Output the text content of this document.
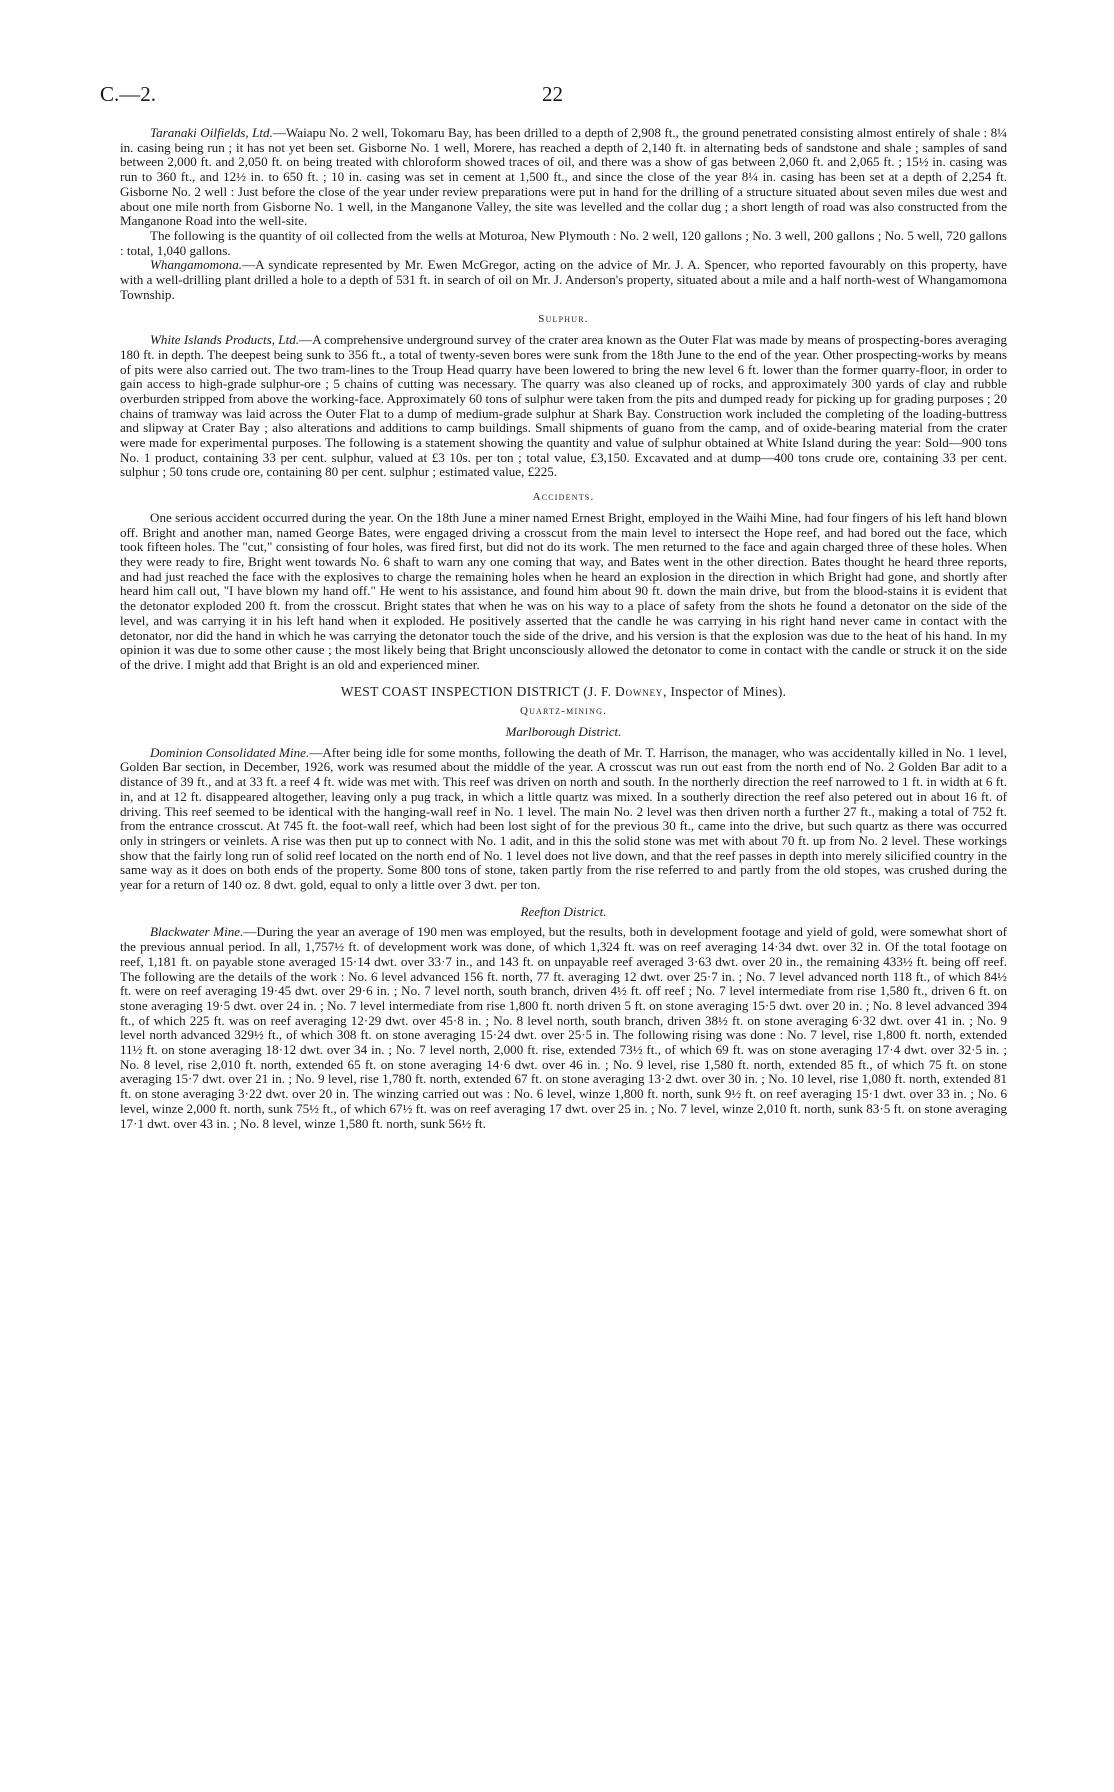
C.—2.	22

Taranaki Oilfields, Ltd.—Waiapu No. 2 well, Tokomaru Bay, has been drilled to a depth of 2,908 ft., the ground penetrated consisting almost entirely of shale : 8¼ in. casing being run ; it has not yet been set. Gisborne No. 1 well, Morere, has reached a depth of 2,140 ft. in alternating beds of sandstone and shale ; samples of sand between 2,000 ft. and 2,050 ft. on being treated with chloroform showed traces of oil, and there was a show of gas between 2,060 ft. and 2,065 ft. ; 15½ in. casing was run to 360 ft., and 12½ in. to 650 ft. ; 10 in. casing was set in cement at 1,500 ft., and since the close of the year 8¼ in. casing has been set at a depth of 2,254 ft. Gisborne No. 2 well : Just before the close of the year under review preparations were put in hand for the drilling of a structure situated about seven miles due west and about one mile north from Gisborne No. 1 well, in the Manganone Valley, the site was levelled and the collar dug ; a short length of road was also constructed from the Manganone Road into the well-site.

The following is the quantity of oil collected from the wells at Moturoa, New Plymouth : No. 2 well, 120 gallons ; No. 3 well, 200 gallons ; No. 5 well, 720 gallons : total, 1,040 gallons.

Whangamomona.—A syndicate represented by Mr. Ewen McGregor, acting on the advice of Mr. J. A. Spencer, who reported favourably on this property, have with a well-drilling plant drilled a hole to a depth of 531 ft. in search of oil on Mr. J. Anderson's property, situated about a mile and a half north-west of Whangamomona Township.

Sulphur.

White Islands Products, Ltd.—A comprehensive underground survey of the crater area known as the Outer Flat was made by means of prospecting-bores averaging 180 ft. in depth. The deepest being sunk to 356 ft., a total of twenty-seven bores were sunk from the 18th June to the end of the year. Other prospecting-works by means of pits were also carried out. The two tram-lines to the Troup Head quarry have been lowered to bring the new level 6 ft. lower than the former quarry-floor, in order to gain access to high-grade sulphur-ore ; 5 chains of cutting was necessary. The quarry was also cleaned up of rocks, and approximately 300 yards of clay and rubble overburden stripped from above the working-face. Approximately 60 tons of sulphur were taken from the pits and dumped ready for picking up for grading purposes ; 20 chains of tramway was laid across the Outer Flat to a dump of medium-grade sulphur at Shark Bay. Construction work included the completing of the loading-buttress and slipway at Crater Bay ; also alterations and additions to camp buildings. Small shipments of guano from the camp, and of oxide-bearing material from the crater were made for experimental purposes. The following is a statement showing the quantity and value of sulphur obtained at White Island during the year: Sold—900 tons No. 1 product, containing 33 per cent. sulphur, valued at £3 10s. per ton ; total value, £3,150. Excavated and at dump—400 tons crude ore, containing 33 per cent. sulphur ; 50 tons crude ore, containing 80 per cent. sulphur ; estimated value, £225.

Accidents.

One serious accident occurred during the year. On the 18th June a miner named Ernest Bright, employed in the Waihi Mine, had four fingers of his left hand blown off. Bright and another man, named George Bates, were engaged driving a crosscut from the main level to intersect the Hope reef, and had bored out the face, which took fifteen holes. The "cut," consisting of four holes, was fired first, but did not do its work. The men returned to the face and again charged three of these holes. When they were ready to fire, Bright went towards No. 6 shaft to warn any one coming that way, and Bates went in the other direction. Bates thought he heard three reports, and had just reached the face with the explosives to charge the remaining holes when he heard an explosion in the direction in which Bright had gone, and shortly after heard him call out, "I have blown my hand off." He went to his assistance, and found him about 90 ft. down the main drive, but from the blood-stains it is evident that the detonator exploded 200 ft. from the crosscut. Bright states that when he was on his way to a place of safety from the shots he found a detonator on the side of the level, and was carrying it in his left hand when it exploded. He positively asserted that the candle he was carrying in his right hand never came in contact with the detonator, nor did the hand in which he was carrying the detonator touch the side of the drive, and his version is that the explosion was due to the heat of his hand. In my opinion it was due to some other cause ; the most likely being that Bright unconsciously allowed the detonator to come in contact with the candle or struck it on the side of the drive. I might add that Bright is an old and experienced miner.

WEST COAST INSPECTION DISTRICT (J. F. Downey, Inspector of Mines).
Quartz-mining.
Marlborough District.

Dominion Consolidated Mine.—After being idle for some months, following the death of Mr. T. Harrison, the manager, who was accidentally killed in No. 1 level, Golden Bar section, in December, 1926, work was resumed about the middle of the year. A crosscut was run out east from the north end of No. 2 Golden Bar adit to a distance of 39 ft., and at 33 ft. a reef 4 ft. wide was met with. This reef was driven on north and south. In the northerly direction the reef narrowed to 1 ft. in width at 6 ft. in, and at 12 ft. disappeared altogether, leaving only a pug track, in which a little quartz was mixed. In a southerly direction the reef also petered out in about 16 ft. of driving. This reef seemed to be identical with the hanging-wall reef in No. 1 level. The main No. 2 level was then driven north a further 27 ft., making a total of 752 ft. from the entrance crosscut. At 745 ft. the foot-wall reef, which had been lost sight of for the previous 30 ft., came into the drive, but such quartz as there was occurred only in stringers or veinlets. A rise was then put up to connect with No. 1 adit, and in this the solid stone was met with about 70 ft. up from No. 2 level. These workings show that the fairly long run of solid reef located on the north end of No. 1 level does not live down, and that the reef passes in depth into merely silicified country in the same way as it does on both ends of the property. Some 800 tons of stone, taken partly from the rise referred to and partly from the old stopes, was crushed during the year for a return of 140 oz. 8 dwt. gold, equal to only a little over 3 dwt. per ton.

Reefton District.

Blackwater Mine.—During the year an average of 190 men was employed, but the results, both in development footage and yield of gold, were somewhat short of the previous annual period. In all, 1,757½ ft. of development work was done, of which 1,324 ft. was on reef averaging 14·34 dwt. over 32 in. Of the total footage on reef, 1,181 ft. on payable stone averaged 15·14 dwt. over 33·7 in., and 143 ft. on unpayable reef averaged 3·63 dwt. over 20 in., the remaining 433½ ft. being off reef. The following are the details of the work : No. 6 level advanced 156 ft. north, 77 ft. averaging 12 dwt. over 25·7 in. ; No. 7 level advanced north 118 ft., of which 84½ ft. were on reef averaging 19·45 dwt. over 29·6 in. ; No. 7 level north, south branch, driven 4½ ft. off reef ; No. 7 level intermediate from rise 1,580 ft., driven 6 ft. on stone averaging 19·5 dwt. over 24 in. ; No. 7 level intermediate from rise 1,800 ft. north driven 5 ft. on stone averaging 15·5 dwt. over 20 in. ; No. 8 level advanced 394 ft., of which 225 ft. was on reef averaging 12·29 dwt. over 45·8 in. ; No. 8 level north, south branch, driven 38½ ft. on stone averaging 6·32 dwt. over 41 in. ; No. 9 level north advanced 329½ ft., of which 308 ft. on stone averaging 15·24 dwt. over 25·5 in. The following rising was done : No. 7 level, rise 1,800 ft. north, extended 11½ ft. on stone averaging 18·12 dwt. over 34 in. ; No. 7 level north, 2,000 ft. rise, extended 73½ ft., of which 69 ft. was on stone averaging 17·4 dwt. over 32·5 in. ; No. 8 level, rise 2,010 ft. north, extended 65 ft. on stone averaging 14·6 dwt. over 46 in. ; No. 9 level, rise 1,580 ft. north, extended 85 ft., of which 75 ft. on stone averaging 15·7 dwt. over 21 in. ; No. 9 level, rise 1,780 ft. north, extended 67 ft. on stone averaging 13·2 dwt. over 30 in. ; No. 10 level, rise 1,080 ft. north, extended 81 ft. on stone averaging 3·22 dwt. over 20 in. The winzing carried out was : No. 6 level, winze 1,800 ft. north, sunk 9½ ft. on reef averaging 15·1 dwt. over 33 in. ; No. 6 level, winze 2,000 ft. north, sunk 75½ ft., of which 67½ ft. was on reef averaging 17 dwt. over 25 in. ; No. 7 level, winze 2,010 ft. north, sunk 83·5 ft. on stone averaging 17·1 dwt. over 43 in. ; No. 8 level, winze 1,580 ft. north, sunk 56½ ft.
